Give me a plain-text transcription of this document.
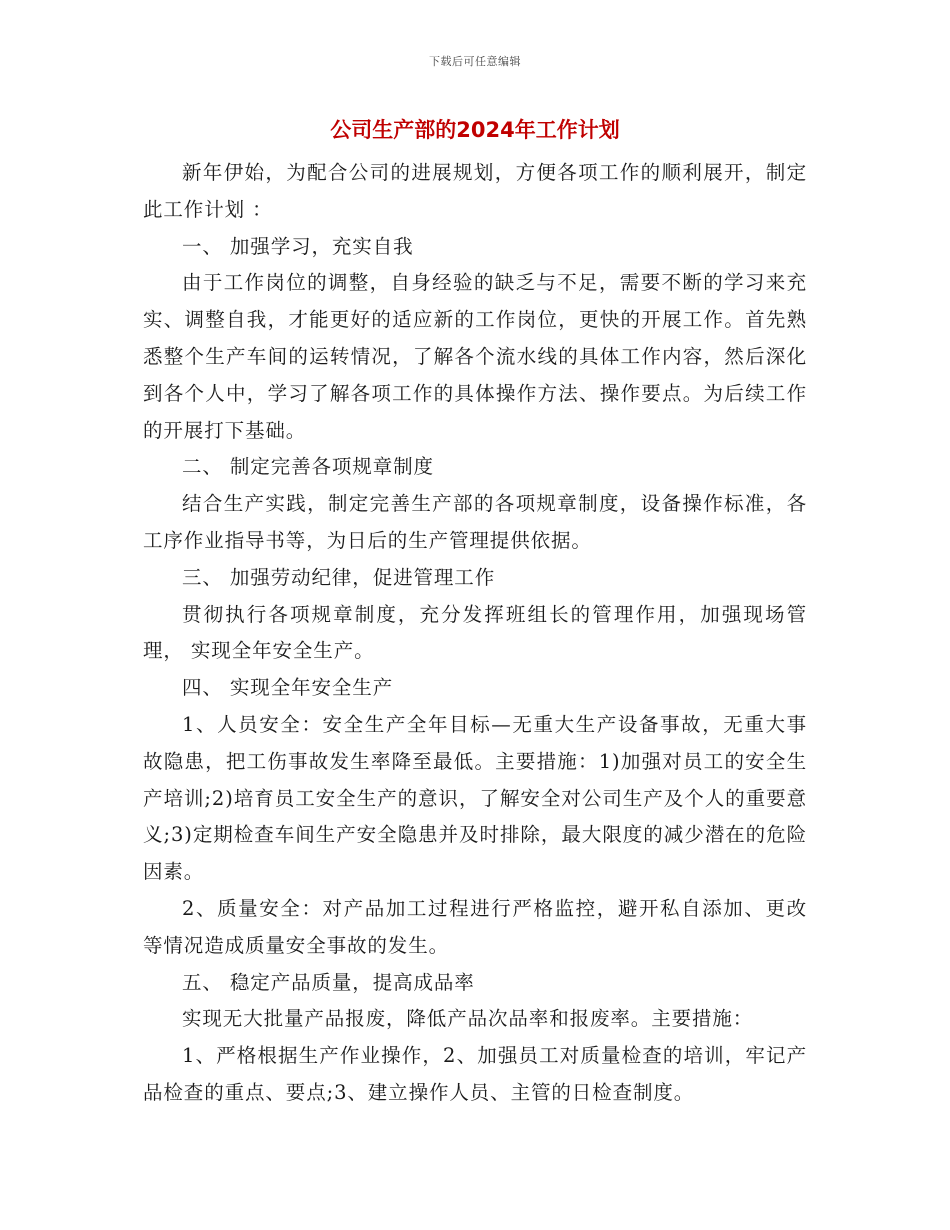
下载后可任意编辑
公司生产部的2024年工作计划

新年伊始，为配合公司的进展规划，方便各项工作的顺利展开，制定此工作计划 ：

一、 加强学习，充实自我

由于工作岗位的调整，自身经验的缺乏与不足，需要不断的学习来充实、调整自我，才能更好的适应新的工作岗位，更快的开展工作。首先熟悉整个生产车间的运转情况，了解各个流水线的具体工作内容，然后深化到各个人中，学习了解各项工作的具体操作方法、操作要点。为后续工作的开展打下基础。

二、 制定完善各项规章制度

结合生产实践，制定完善生产部的各项规章制度，设备操作标准，各工序作业指导书等，为日后的生产管理提供依据。

三、 加强劳动纪律，促进管理工作

贯彻执行各项规章制度，充分发挥班组长的管理作用，加强现场管理， 实现全年安全生产。

四、 实现全年安全生产

1、人员安全：安全生产全年目标—无重大生产设备事故，无重大事故隐患，把工伤事故发生率降至最低。主要措施：1)加强对员工的安全生产培训;2)培育员工安全生产的意识，了解安全对公司生产及个人的重要意义;3)定期检查车间生产安全隐患并及时排除，最大限度的减少潜在的危险因素。

2、质量安全：对产品加工过程进行严格监控，避开私自添加、更改等情况造成质量安全事故的发生。

五、 稳定产品质量，提高成品率

实现无大批量产品报废，降低产品次品率和报废率。主要措施：

1、严格根据生产作业操作，2、加强员工对质量检查的培训，牢记产品检查的重点、要点;3、建立操作人员、主管的日检查制度。
